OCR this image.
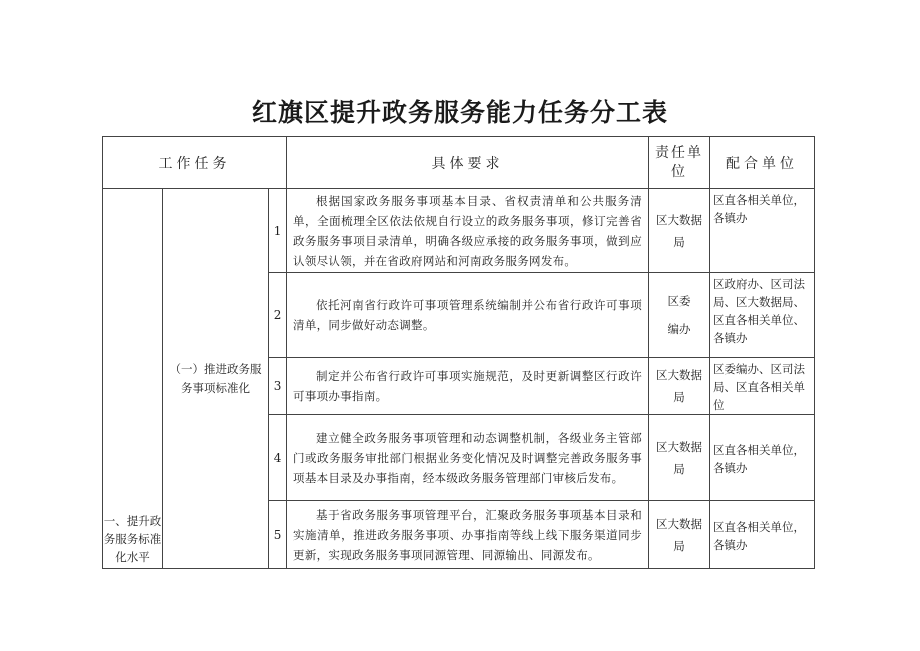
红旗区提升政务服务能力任务分工表
工作任务			具体要求	责任单位	配合单位
一、提升政务服务标准化水平	（一）推进政务服务事项标准化	1	根据国家政务服务事项基本目录、省权责清单和公共服务清单，全面梳理全区依法依规自行设立的政务服务事项，修订完善省政务服务事项目录清单，明确各级应承接的政务服务事项，做到应认领尽认领，并在省政府网站和河南政务服务网发布。	区大数据局	区直各相关单位，各镇办
		2	依托河南省行政许可事项管理系统编制并公布省行政许可事项清单，同步做好动态调整。	区委编办	区政府办、区司法局、区大数据局、区直各相关单位、各镇办
		3	制定并公布省行政许可事项实施规范，及时更新调整区行政许可事项办事指南。	区大数据局	区委编办、区司法局、区直各相关单位
		4	建立健全政务服务事项管理和动态调整机制，各级业务主管部门或政务服务审批部门根据业务变化情况及时调整完善政务服务事项基本目录及办事指南，经本级政务服务管理部门审核后发布。	区大数据局	区直各相关单位，各镇办
		5	基于省政务服务事项管理平台，汇聚政务服务事项基本目录和实施清单，推进政务服务事项、办事指南等线上线下服务渠道同步更新，实现政务服务事项同源管理、同源输出、同源发布。	区大数据局	区直各相关单位，各镇办
